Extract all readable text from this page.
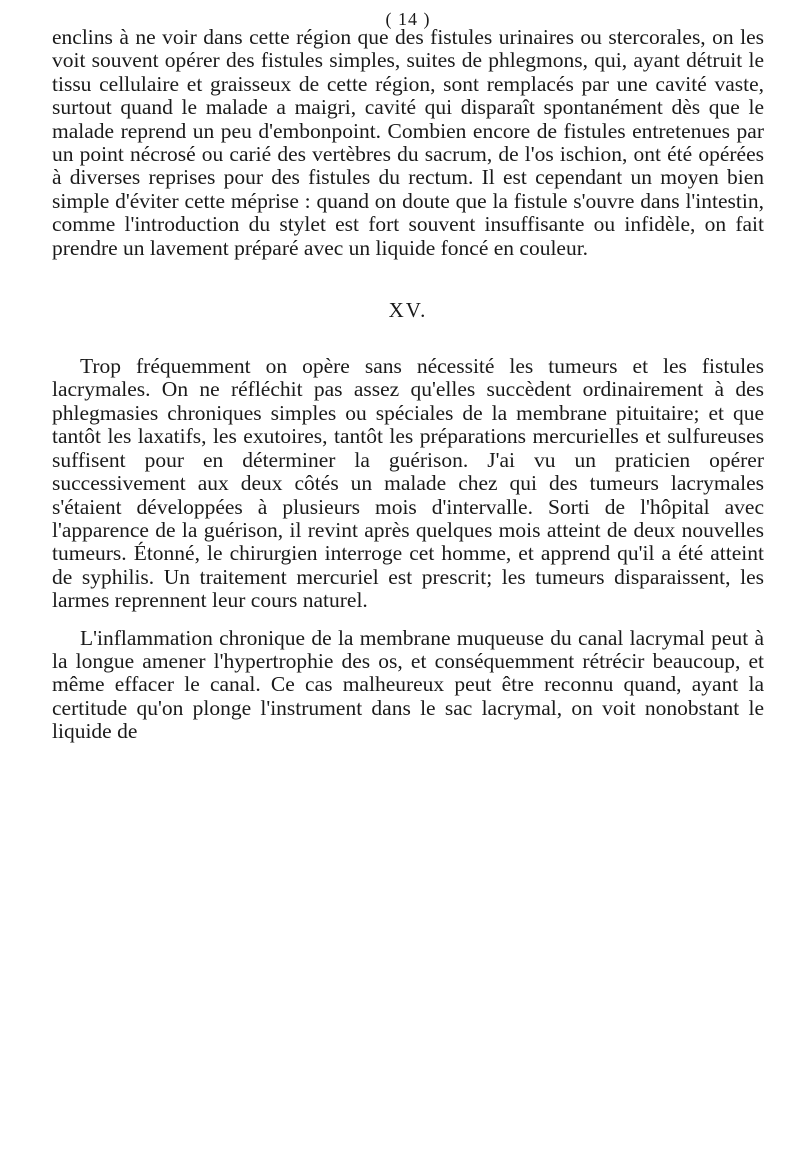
( 14 )

enclins à ne voir dans cette région que des fistules urinaires ou stercorales, on les voit souvent opérer des fistules simples, suites de phlegmons, qui, ayant détruit le tissu cellulaire et graisseux de cette région, sont remplacés par une cavité vaste, surtout quand le malade a maigri, cavité qui disparaît spontanément dès que le malade reprend un peu d'embonpoint. Combien encore de fistules entretenues par un point nécrosé ou carié des vertèbres du sacrum, de l'os ischion, ont été opérées à diverses reprises pour des fistules du rectum. Il est cependant un moyen bien simple d'éviter cette méprise : quand on doute que la fistule s'ouvre dans l'intestin, comme l'introduction du stylet est fort souvent insuffisante ou infidèle, on fait prendre un lavement préparé avec un liquide foncé en couleur.

XV.

Trop fréquemment on opère sans nécessité les tumeurs et les fistules lacrymales. On ne réfléchit pas assez qu'elles succèdent ordinairement à des phlegmasies chroniques simples ou spéciales de la membrane pituitaire; et que tantôt les laxatifs, les exutoires, tantôt les préparations mercurielles et sulfureuses suffisent pour en déterminer la guérison. J'ai vu un praticien opérer successivement aux deux côtés un malade chez qui des tumeurs lacrymales s'étaient développées à plusieurs mois d'intervalle. Sorti de l'hôpital avec l'apparence de la guérison, il revint après quelques mois atteint de deux nouvelles tumeurs. Étonné, le chirurgien interroge cet homme, et apprend qu'il a été atteint de syphilis. Un traitement mercuriel est prescrit; les tumeurs disparaissent, les larmes reprennent leur cours naturel.

L'inflammation chronique de la membrane muqueuse du canal lacrymal peut à la longue amener l'hypertrophie des os, et conséquemment rétrécir beaucoup, et même effacer le canal. Ce cas malheureux peut être reconnu quand, ayant la certitude qu'on plonge l'instrument dans le sac lacrymal, on voit nonobstant le liquide de
